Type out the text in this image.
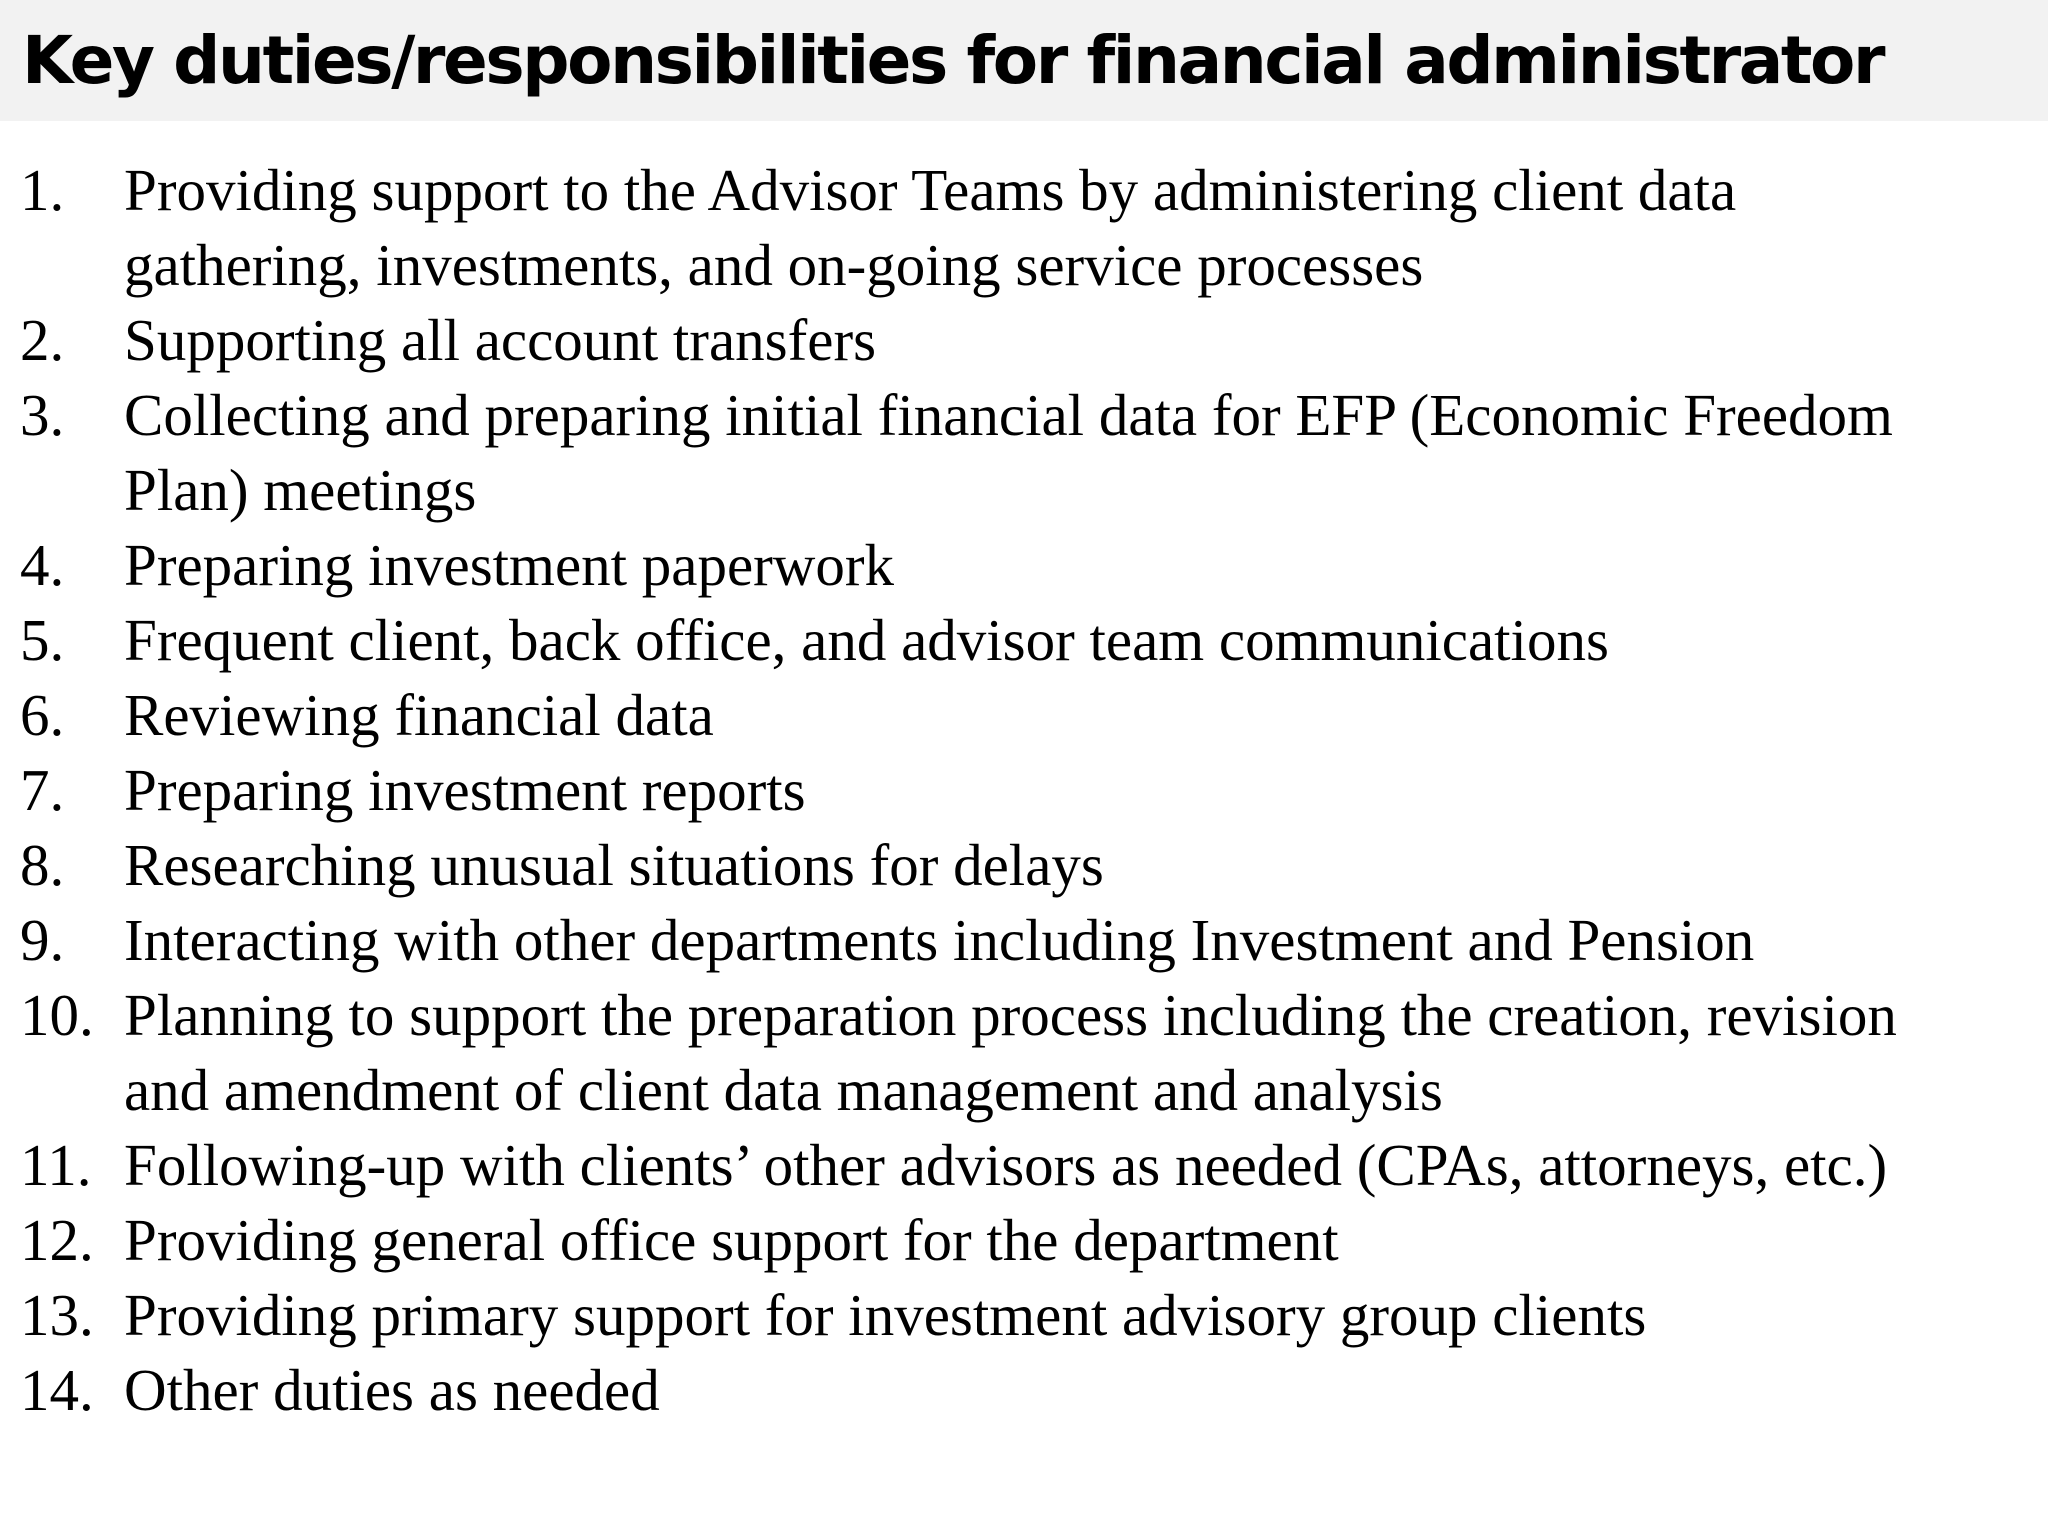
Key duties/responsibilities for financial administrator
1. Providing support to the Advisor Teams by administering client data
gathering, investments, and on-going service processes
2. Supporting all account transfers
3. Collecting and preparing initial financial data for EFP (Economic Freedom
Plan) meetings
4. Preparing investment paperwork
5. Frequent client, back office, and advisor team communications
6. Reviewing financial data
7. Preparing investment reports
8. Researching unusual situations for delays
9. Interacting with other departments including Investment and Pension
10. Planning to support the preparation process including the creation, revision
and amendment of client data management and analysis
11. Following-up with clients’ other advisors as needed (CPAs, attorneys, etc.)
12. Providing general office support for the department
13. Providing primary support for investment advisory group clients
14. Other duties as needed
